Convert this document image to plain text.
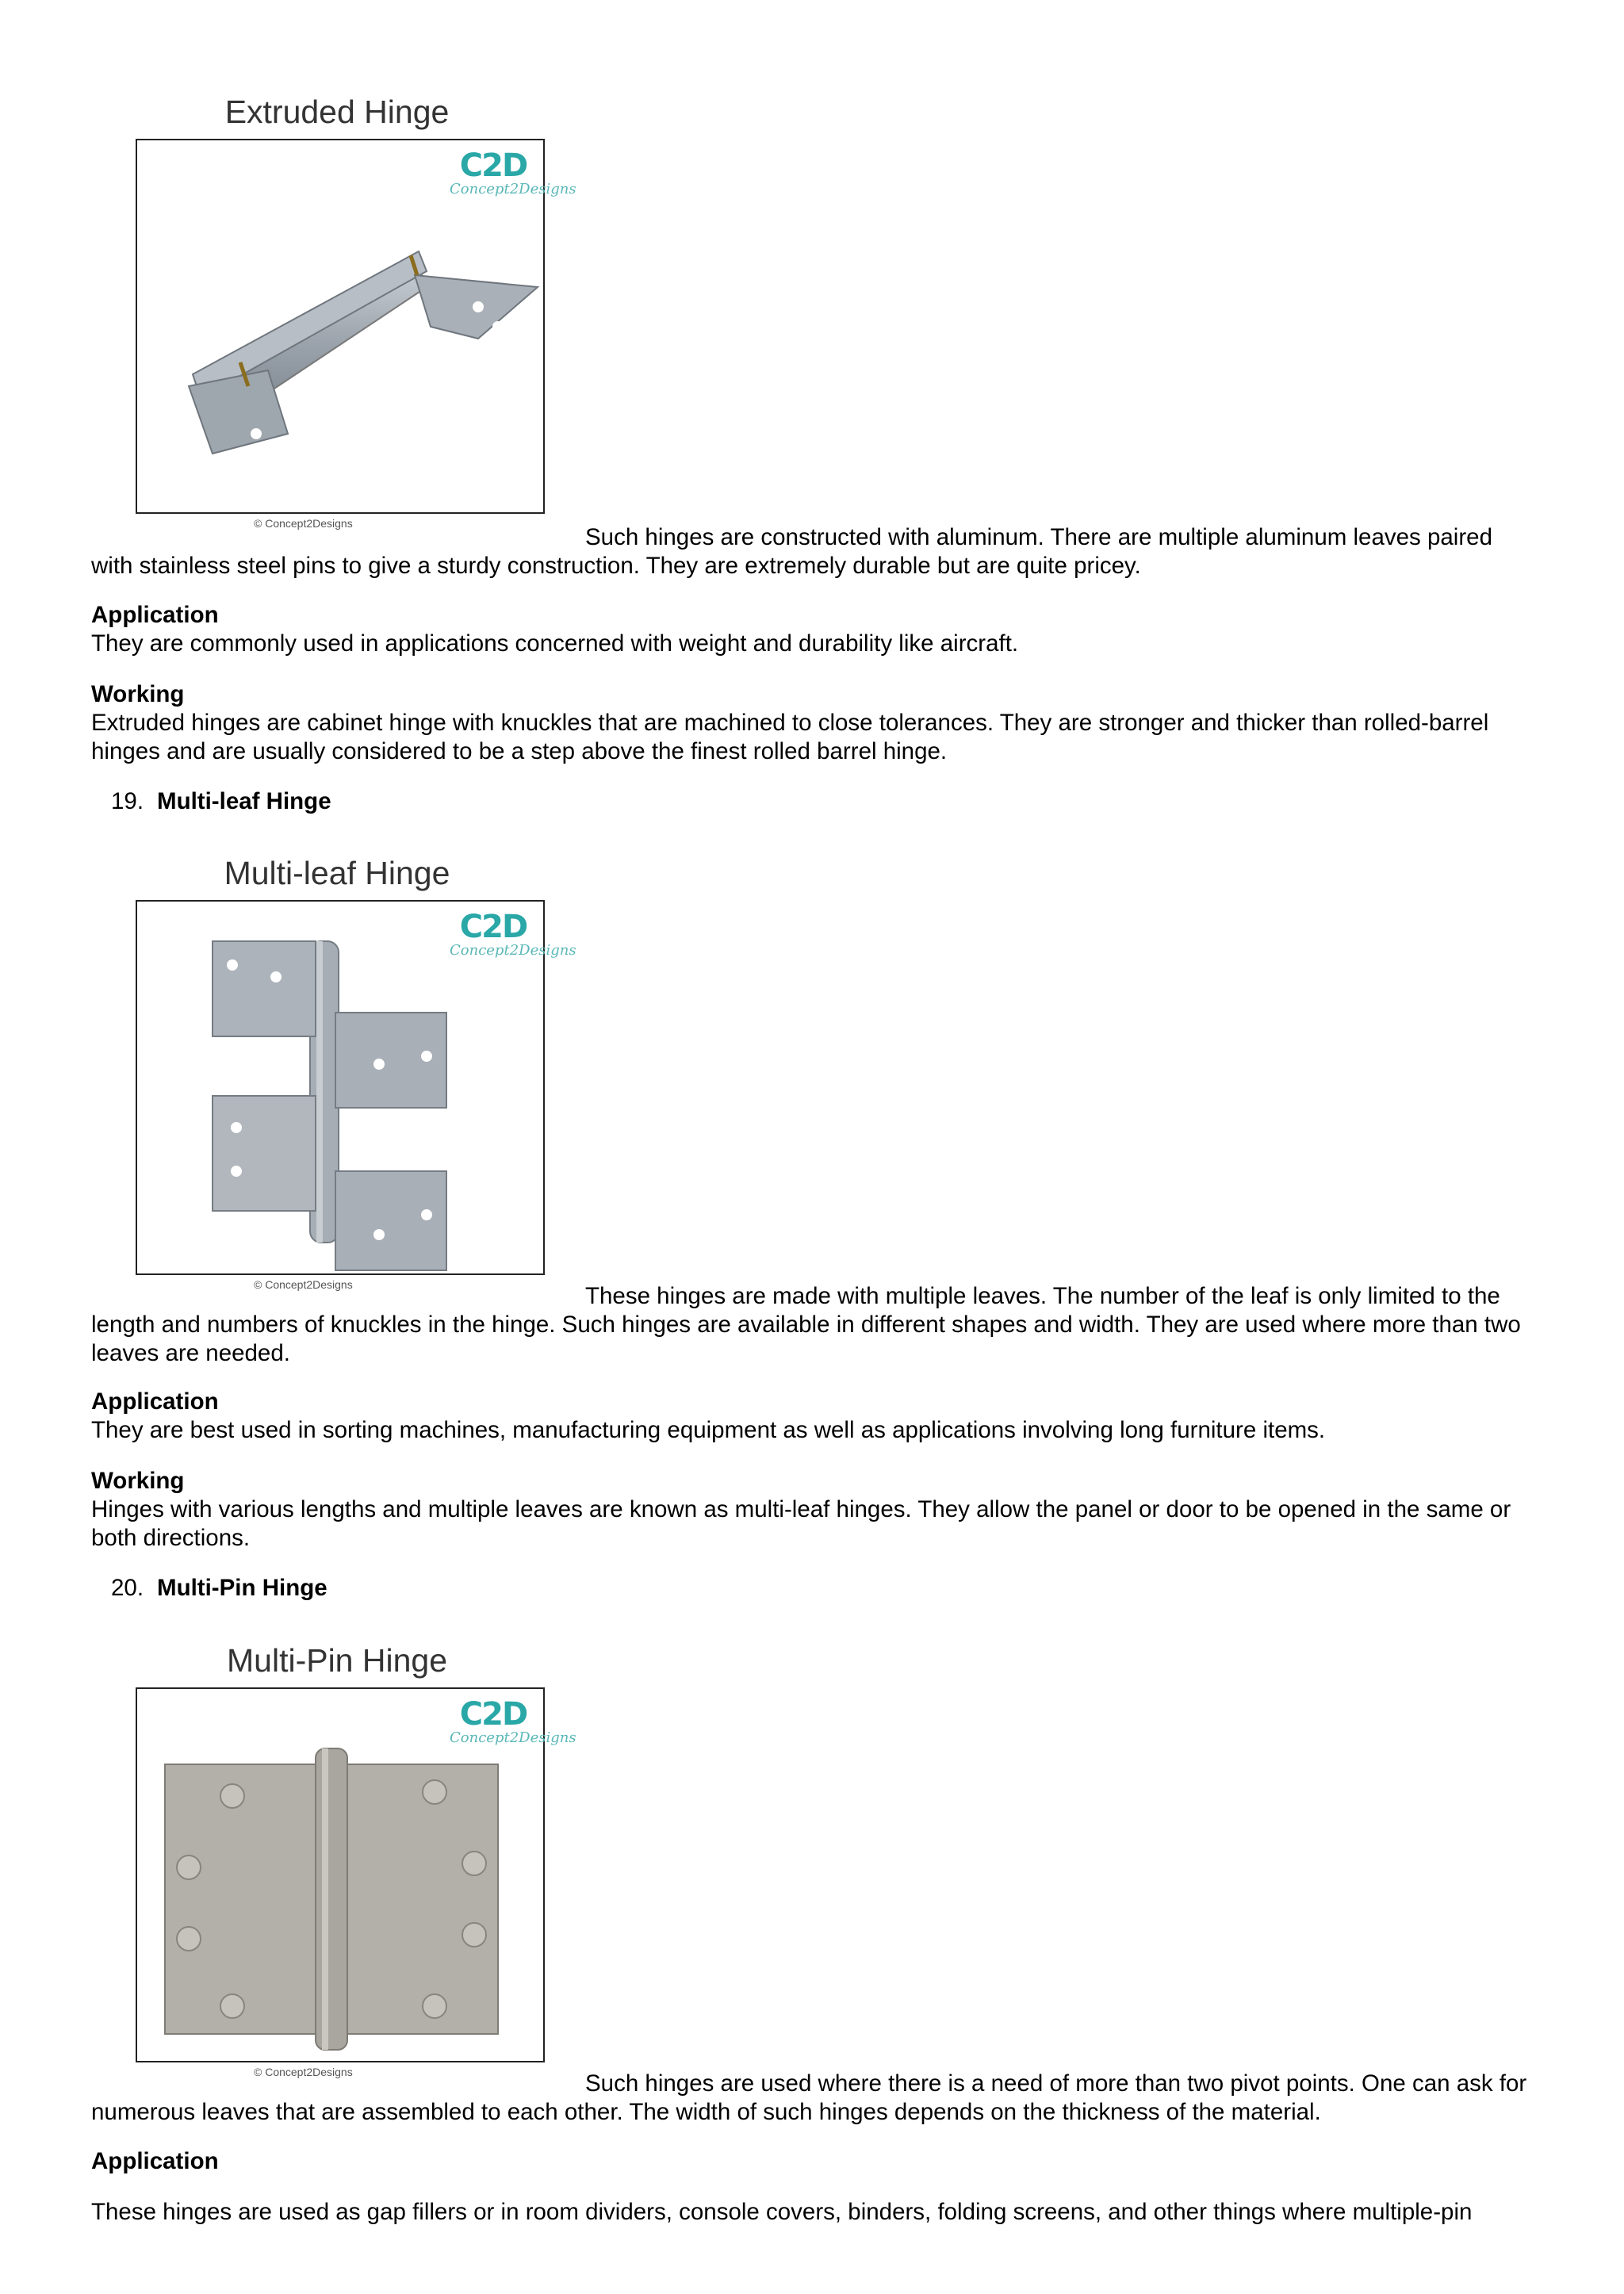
Extruded Hinge
C2D
Concept2Designs
© Concept2Designs

Such hinges are constructed with aluminum. There are multiple aluminum leaves paired with stainless steel pins to give a sturdy construction. They are extremely durable but are quite pricey.

Application

They are commonly used in applications concerned with weight and durability like aircraft.

Working

Extruded hinges are cabinet hinge with knuckles that are machined to close tolerances. They are stronger and thicker than rolled-barrel hinges and are usually considered to be a step above the finest rolled barrel hinge.

19. Multi-leaf Hinge
Multi-leaf Hinge
C2D
Concept2Designs
© Concept2Designs	These hinges are made with multiple leaves. The number of the leaf is only limited to the length and numbers of knuckles in the hinge. Such hinges are available in different shapes and width. They are used where more than two leaves are needed.

Application

They are best used in sorting machines, manufacturing equipment as well as applications involving long furniture items.

Working

Hinges with various lengths and multiple leaves are known as multi-leaf hinges. They allow the panel or door to be opened in the same or both directions.

20. Multi-Pin Hinge
Multi-Pin Hinge
C2D
Concept2Designs
© Concept2Designs	Such hinges are used where there is a need of more than two pivot points. One can ask for numerous leaves that are assembled to each other. The width of such hinges depends on the thickness of the material.

Application

These hinges are used as gap fillers or in room dividers, console covers, binders, folding screens, and other things where multiple-pin
